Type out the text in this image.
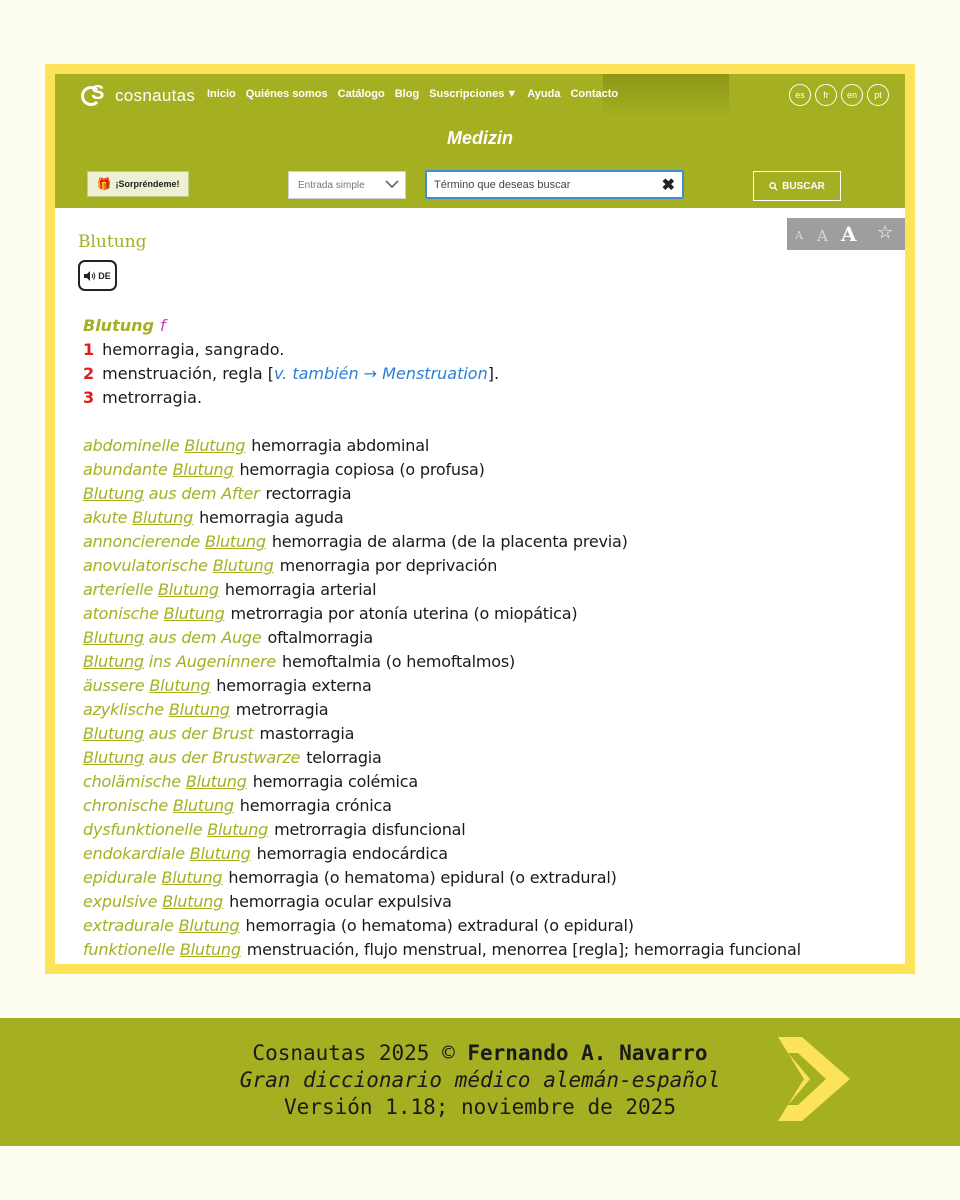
S cosnautas Inicio Quiénes somos Catálogo Blog Suscripciones ▼ Ayuda Contacto	es	fr	en	pt
Medizin
🎁 ¡Sorpréndeme!	Entrada simple	Término que deseas buscar	✖	BUSCAR
A A A ☆
Blutung
DE
Blutung f
1 hemorragia, sangrado.
2 menstruación, regla [v. también → Menstruation].
3 metrorragia.
abdominelle Blutung hemorragia abdominal
abundante Blutung hemorragia copiosa (o profusa)
Blutung aus dem After rectorragia
akute Blutung hemorragia aguda
annoncierende Blutung hemorragia de alarma (de la placenta previa)
anovulatorische Blutung menorragia por deprivación
arterielle Blutung hemorragia arterial
atonische Blutung metrorragia por atonía uterina (o miopática)
Blutung aus dem Auge oftalmorragia
Blutung ins Augeninnere hemoftalmia (o hemoftalmos)
äussere Blutung hemorragia externa
azyklische Blutung metrorragia
Blutung aus der Brust mastorragia
Blutung aus der Brustwarze telorragia
cholämische Blutung hemorragia colémica
chronische Blutung hemorragia crónica
dysfunktionelle Blutung metrorragia disfuncional
endokardiale Blutung hemorragia endocárdica
epidurale Blutung hemorragia (o hematoma) epidural (o extradural)
expulsive Blutung hemorragia ocular expulsiva
extradurale Blutung hemorragia (o hematoma) extradural (o epidural)
funktionelle Blutung menstruación, flujo menstrual, menorrea [regla]; hemorragia funcional
Cosnautas 2025 © Fernando A. Navarro
Gran diccionario médico alemán-español
Versión 1.18; noviembre de 2025
